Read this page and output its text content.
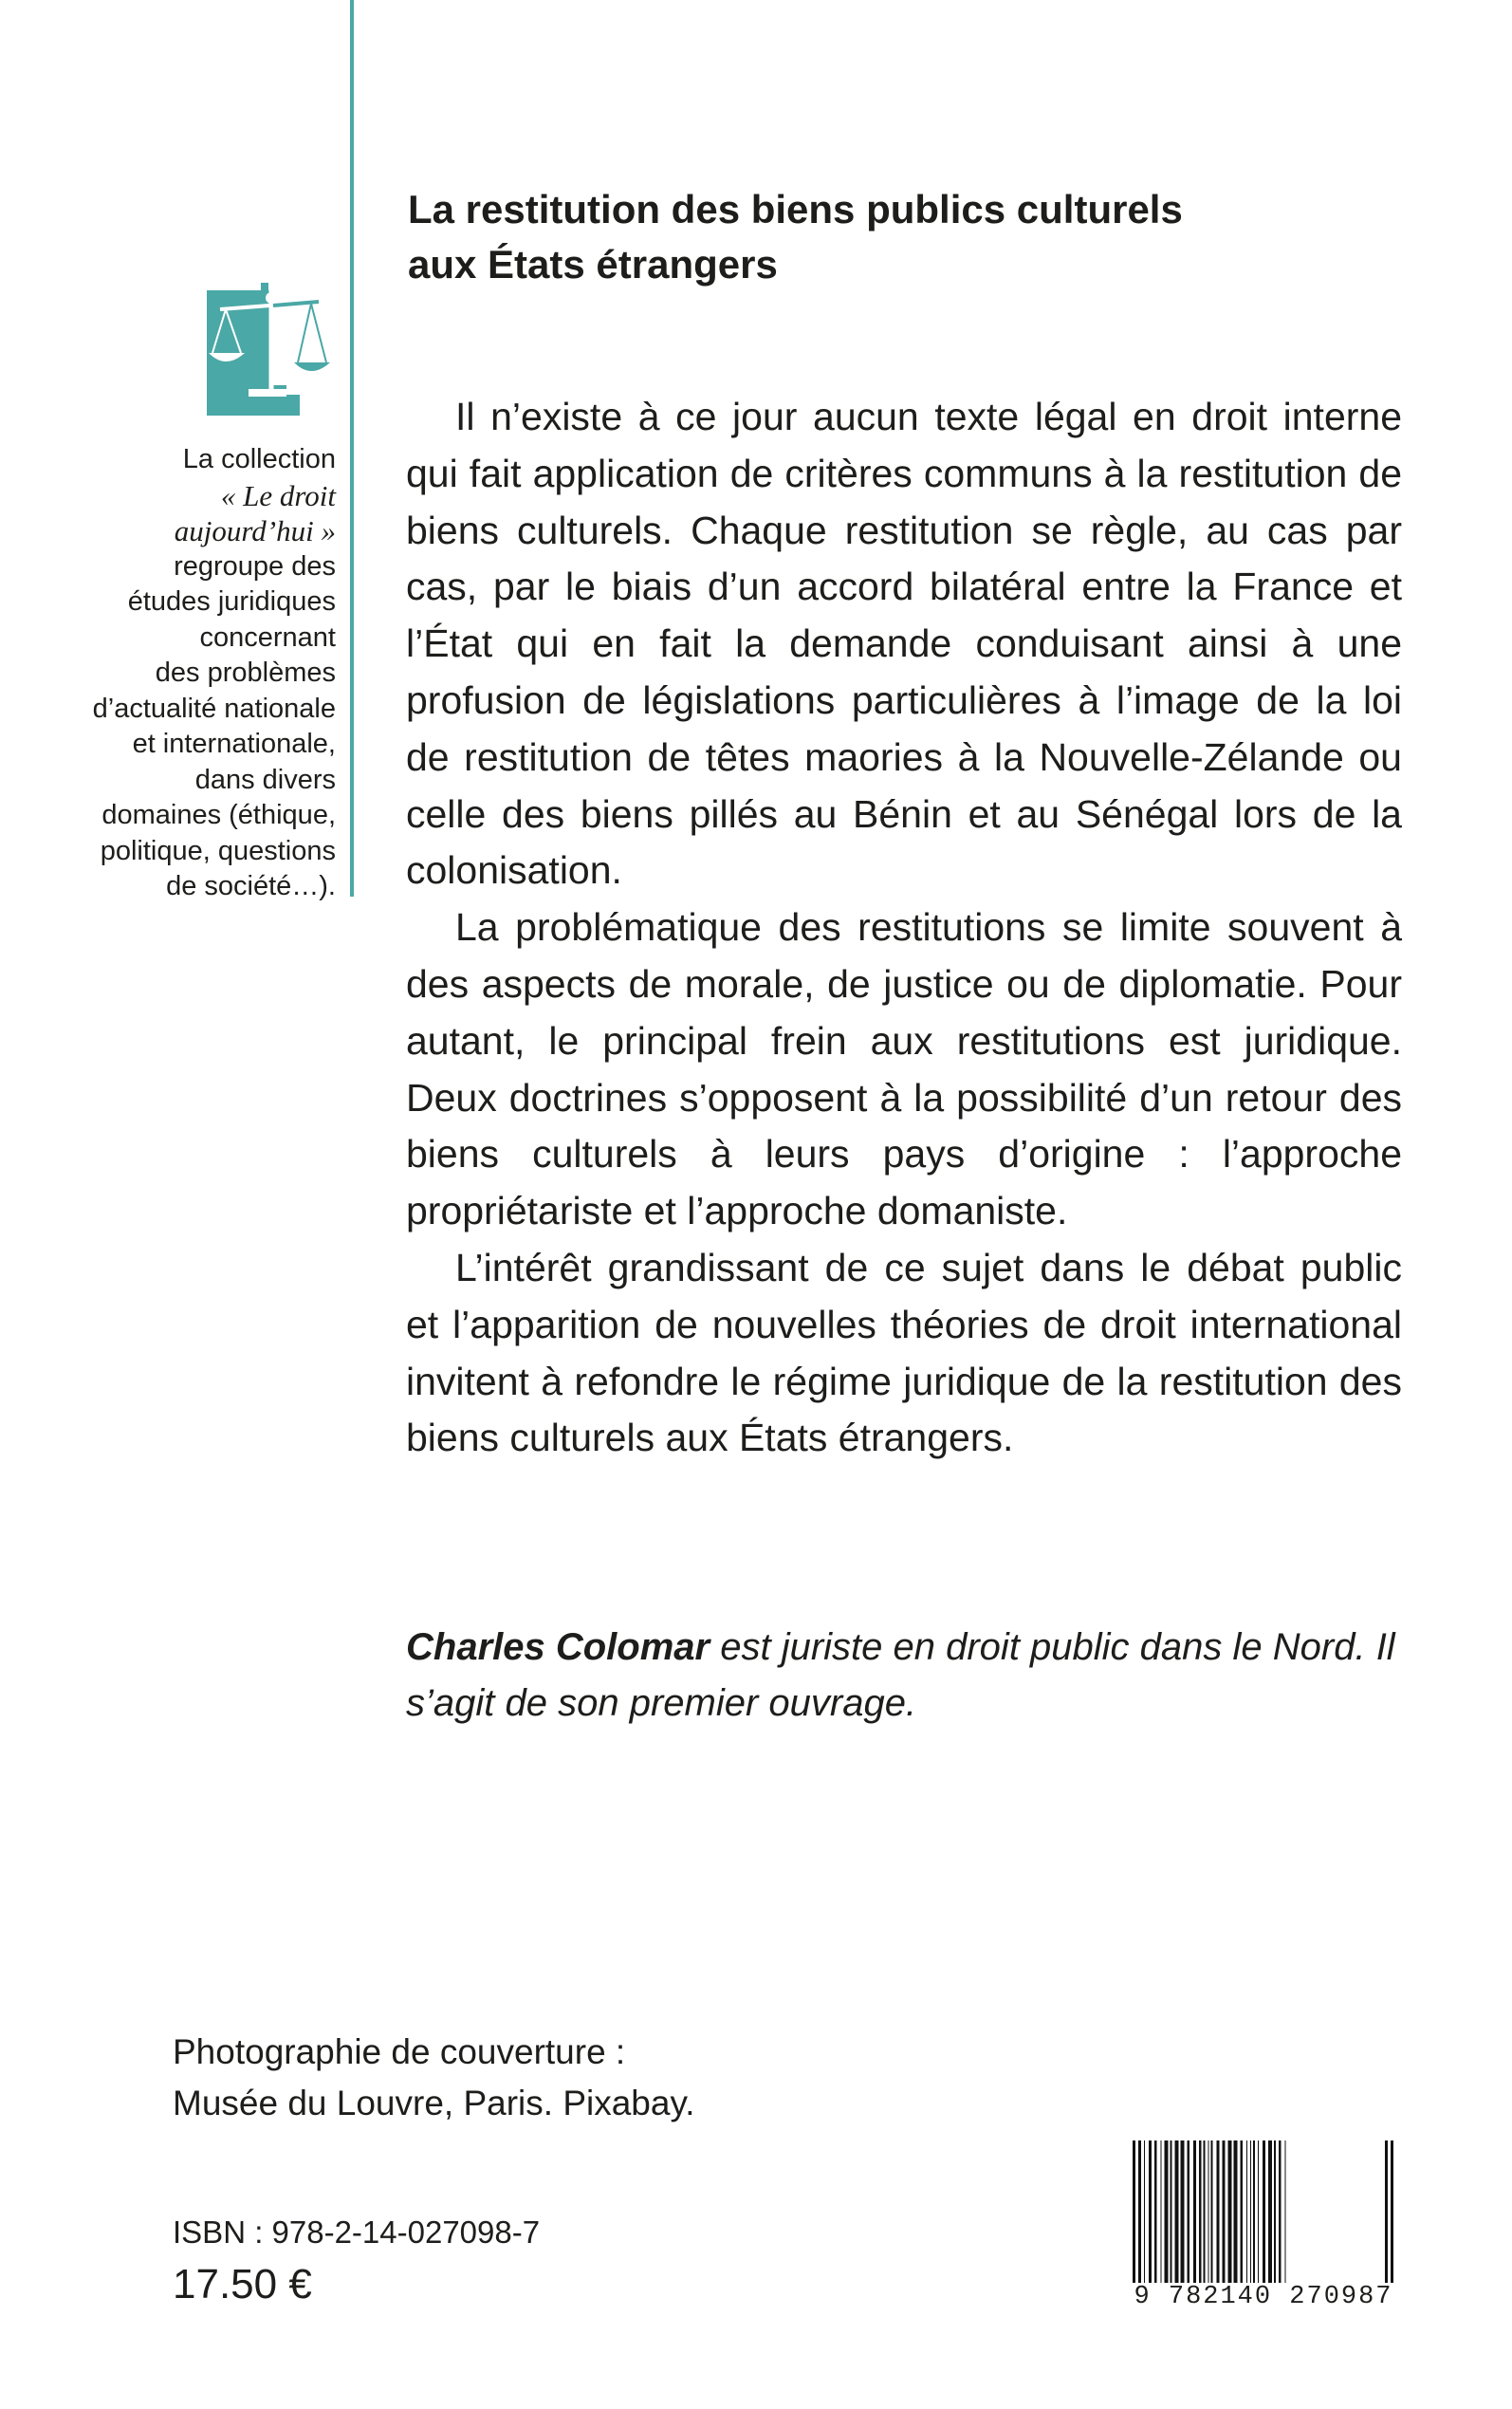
La restitution des biens publics culturels
aux États étrangers
La collection
« Le droit
aujourd’hui »
regroupe des
études juridiques
concernant
des problèmes
d’actualité nationale
et internationale,
dans divers
domaines (éthique,
politique, questions
de société…).

Il n’existe à ce jour aucun texte légal en droit interne qui fait application de critères communs à la restitution de biens culturels. Chaque restitution se règle, au cas par cas, par le biais d’un accord bilatéral entre la France et l’État qui en fait la demande conduisant ainsi à une profusion de législations particulières à l’image de la loi de restitution de têtes maories à la Nouvelle-Zélande ou celle des biens pillés au Bénin et au Sénégal lors de la colonisation.

La problématique des restitutions se limite souvent à des aspects de morale, de justice ou de diplomatie. Pour autant, le principal frein aux restitutions est juridique. Deux doctrines s’opposent à la possibilité d’un retour des biens culturels à leurs pays d’origine : l’approche propriétariste et l’approche domaniste.

L’intérêt grandissant de ce sujet dans le débat public et l’apparition de nouvelles théories de droit international invitent à refondre le régime juridique de la restitution des biens culturels aux États étrangers.

Charles Colomar est juriste en droit public dans le Nord. Il s’agit de son premier ouvrage.
Photographie de couverture :
Musée du Louvre, Paris. Pixabay.
ISBN : 978-2-14-027098-7
17.50 €	9 782140 270987
